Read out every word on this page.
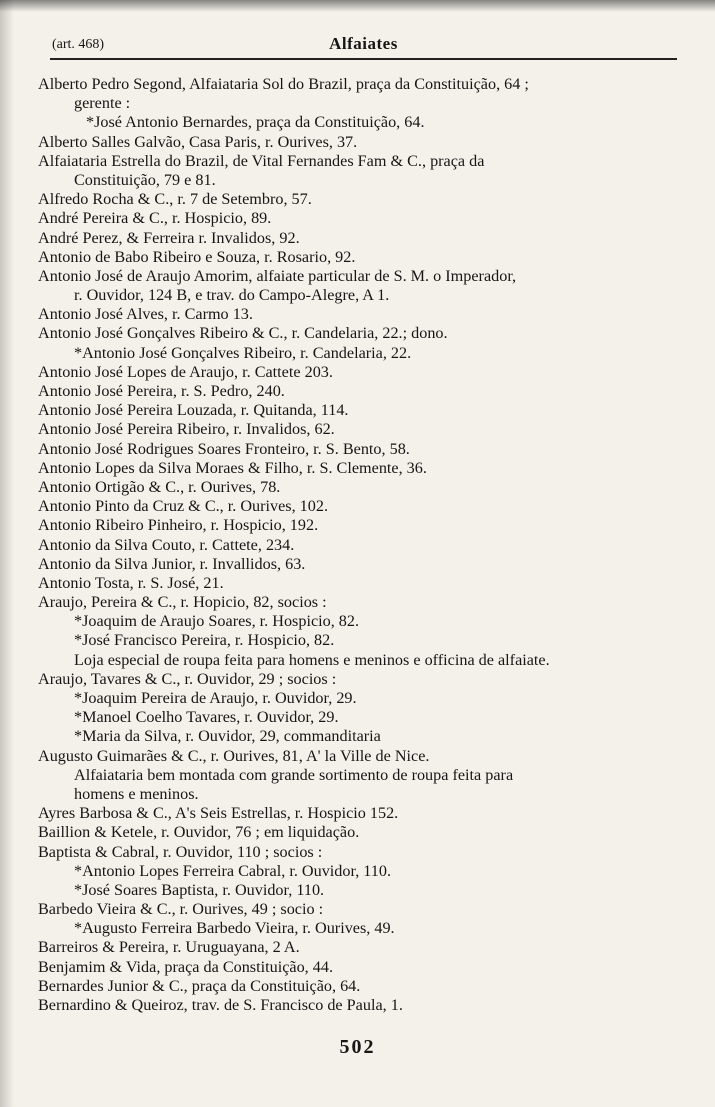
(art. 468)	Alfaiates
Alberto Pedro Segond, Alfaiataria Sol do Brazil, praça da Constituição, 64 ;
gerente :
*José Antonio Bernardes, praça da Constituição, 64.
Alberto Salles Galvão, Casa Paris, r. Ourives, 37.
Alfaiataria Estrella do Brazil, de Vital Fernandes Fam & C., praça da
Constituição, 79 e 81.
Alfredo Rocha & C., r. 7 de Setembro, 57.
André Pereira & C., r. Hospicio, 89.
André Perez, & Ferreira r. Invalidos, 92.
Antonio de Babo Ribeiro e Souza, r. Rosario, 92.
Antonio José de Araujo Amorim, alfaiate particular de S. M. o Imperador,
r. Ouvidor, 124 B, e trav. do Campo-Alegre, A 1.
Antonio José Alves, r. Carmo 13.
Antonio José Gonçalves Ribeiro & C., r. Candelaria, 22.; dono.
*Antonio José Gonçalves Ribeiro, r. Candelaria, 22.
Antonio José Lopes de Araujo, r. Cattete 203.
Antonio José Pereira, r. S. Pedro, 240.
Antonio José Pereira Louzada, r. Quitanda, 114.
Antonio José Pereira Ribeiro, r. Invalidos, 62.
Antonio José Rodrigues Soares Fronteiro, r. S. Bento, 58.
Antonio Lopes da Silva Moraes & Filho, r. S. Clemente, 36.
Antonio Ortigão & C., r. Ourives, 78.
Antonio Pinto da Cruz & C., r. Ourives, 102.
Antonio Ribeiro Pinheiro, r. Hospicio, 192.
Antonio da Silva Couto, r. Cattete, 234.
Antonio da Silva Junior, r. Invallidos, 63.
Antonio Tosta, r. S. José, 21.
Araujo, Pereira & C., r. Hopicio, 82, socios :
*Joaquim de Araujo Soares, r. Hospicio, 82.
*José Francisco Pereira, r. Hospicio, 82.
Loja especial de roupa feita para homens e meninos e officina de alfaiate.
Araujo, Tavares & C., r. Ouvidor, 29 ; socios :
*Joaquim Pereira de Araujo, r. Ouvidor, 29.
*Manoel Coelho Tavares, r. Ouvidor, 29.
*Maria da Silva, r. Ouvidor, 29, commanditaria
Augusto Guimarães & C., r. Ourives, 81, A' la Ville de Nice.
Alfaiataria bem montada com grande sortimento de roupa feita para
homens e meninos.
Ayres Barbosa & C., A's Seis Estrellas, r. Hospicio 152.
Baillion & Ketele, r. Ouvidor, 76 ; em liquidação.
Baptista & Cabral, r. Ouvidor, 110 ; socios :
*Antonio Lopes Ferreira Cabral, r. Ouvidor, 110.
*José Soares Baptista, r. Ouvidor, 110.
Barbedo Vieira & C., r. Ourives, 49 ; socio :
*Augusto Ferreira Barbedo Vieira, r. Ourives, 49.
Barreiros & Pereira, r. Uruguayana, 2 A.
Benjamim & Vida, praça da Constituição, 44.
Bernardes Junior & C., praça da Constituição, 64.
Bernardino & Queiroz, trav. de S. Francisco de Paula, 1.
502
